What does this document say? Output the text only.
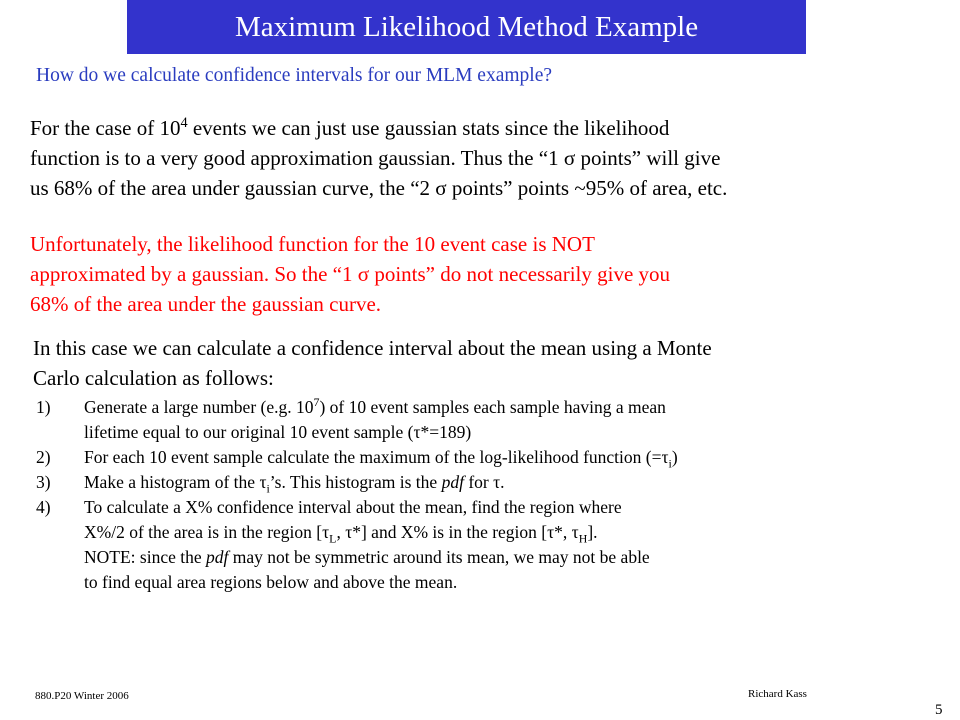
Maximum Likelihood Method Example
How do we calculate confidence intervals for our MLM example?
For the case of $10^4$ events we can just use gaussian stats since the likelihood
function is to a very good approximation gaussian. Thus the “1 σ points” will give
us 68% of the area under gaussian curve, the “2 σ points” points ~95% of area, etc.
Unfortunately, the likelihood function for the 10 event case is NOT
approximated by a gaussian. So the “1 σ points” do not necessarily give you
68% of the area under the gaussian curve.
In this case we can calculate a confidence interval about the mean using a Monte
Carlo calculation as follows:
1)	Generate a large number (e.g. $10^7$) of 10 event samples each sample having a mean
lifetime equal to our original 10 event sample (τ*=189)
2)	For each 10 event sample calculate the maximum of the log-likelihood function $(=\tau_i)$
3)	Make a histogram of the $\tau_i’s$. This histogram is the pdf for τ.
4)	To calculate a X% confidence interval about the mean, find the region where
X%/2 of the area is in the region [$\tau_L$, τ*] and X% is in the region [τ*, $\tau_H$].
NOTE: since the pdf may not be symmetric around its mean, we may not be able
to find equal area regions below and above the mean.
880.P20 Winter 2006	Richard Kass
5
